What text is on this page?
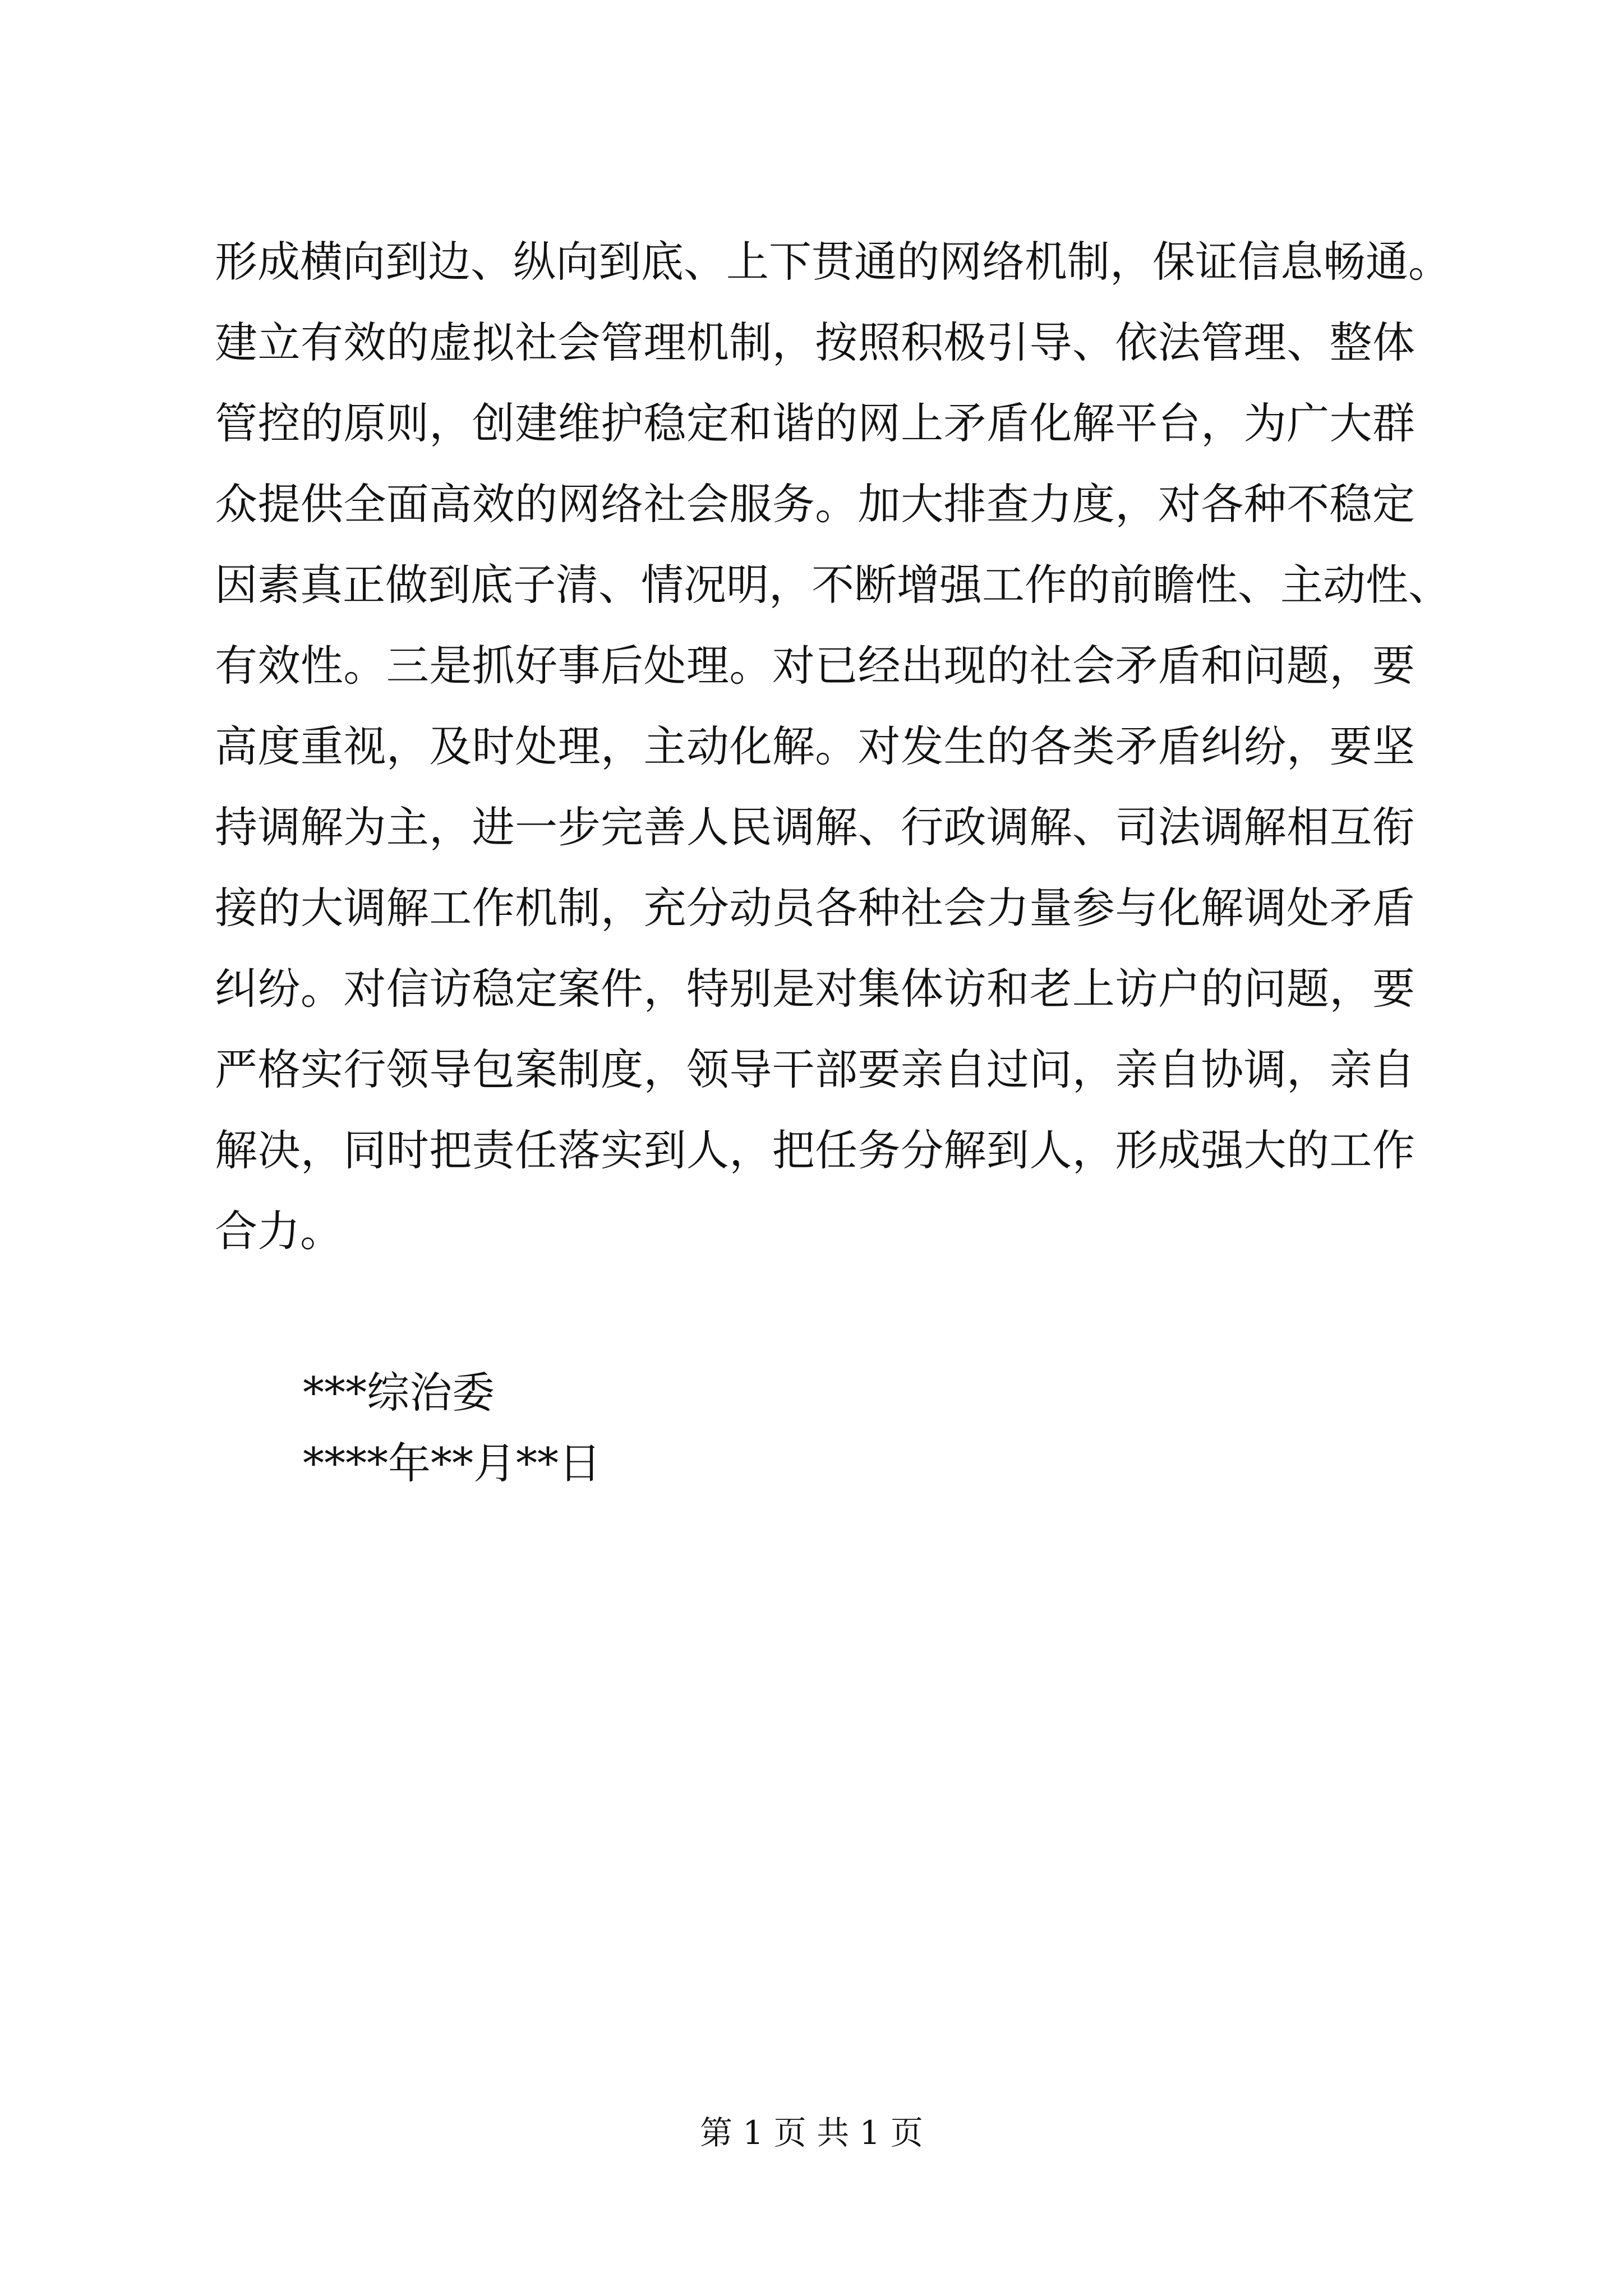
形成横向到边、纵向到底、上下贯通的网络机制，保证信息畅通。
建立有效的虚拟社会管理机制，按照积极引导、依法管理、整体
管控的原则，创建维护稳定和谐的网上矛盾化解平台，为广大群
众提供全面高效的网络社会服务。加大排查力度，对各种不稳定
因素真正做到底子清、情况明，不断增强工作的前瞻性、主动性、
有效性。三是抓好事后处理。对已经出现的社会矛盾和问题，要
高度重视，及时处理，主动化解。对发生的各类矛盾纠纷，要坚
持调解为主，进一步完善人民调解、行政调解、司法调解相互衔
接的大调解工作机制，充分动员各种社会力量参与化解调处矛盾
纠纷。对信访稳定案件，特别是对集体访和老上访户的问题，要
严格实行领导包案制度，领导干部要亲自过问，亲自协调，亲自
解决，同时把责任落实到人，把任务分解到人，形成强大的工作
合力。
***综治委
****年**月**日
第 1 页 共 1 页
